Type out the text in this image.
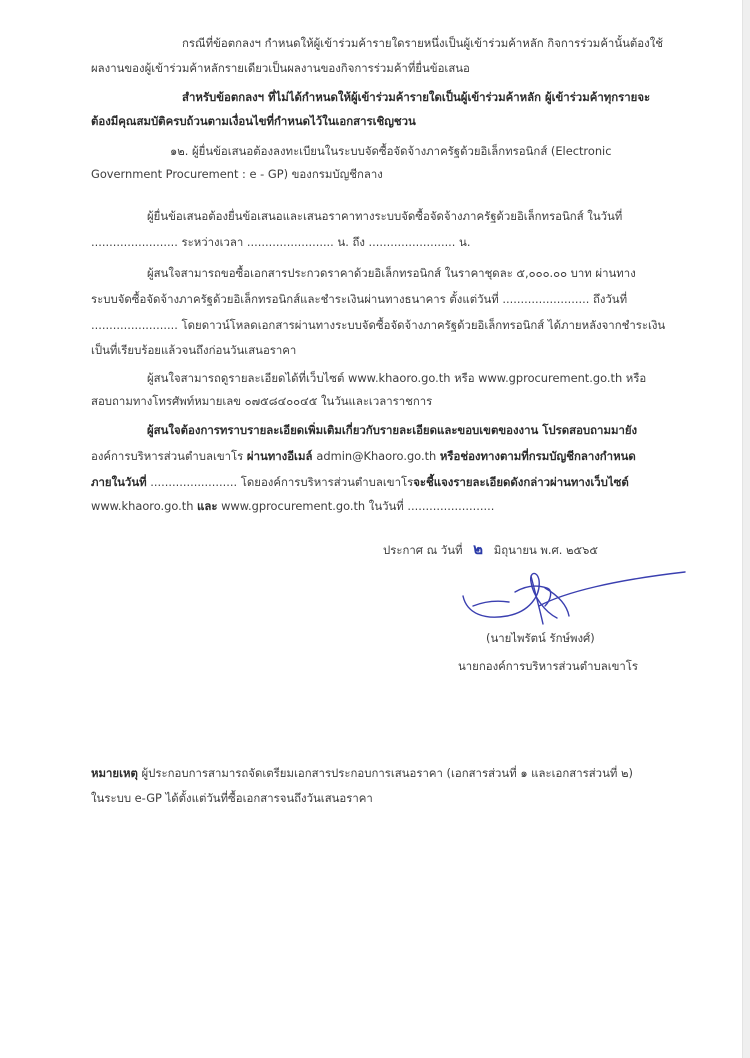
กรณีที่ข้อตกลงฯ กำหนดให้ผู้เข้าร่วมค้ารายใดรายหนึ่งเป็นผู้เข้าร่วมค้าหลัก กิจการร่วมค้านั้นต้องใช้
ผลงานของผู้เข้าร่วมค้าหลักรายเดียวเป็นผลงานของกิจการร่วมค้าที่ยื่นข้อเสนอ
สำหรับข้อตกลงฯ ที่ไม่ได้กำหนดให้ผู้เข้าร่วมค้ารายใดเป็นผู้เข้าร่วมค้าหลัก ผู้เข้าร่วมค้าทุกรายจะ
ต้องมีคุณสมบัติครบถ้วนตามเงื่อนไขที่กำหนดไว้ในเอกสารเชิญชวน
๑๒. ผู้ยื่นข้อเสนอต้องลงทะเบียนในระบบจัดซื้อจัดจ้างภาครัฐด้วยอิเล็กทรอนิกส์ (Electronic
Government Procurement : e - GP) ของกรมบัญชีกลาง
ผู้ยื่นข้อเสนอต้องยื่นข้อเสนอและเสนอราคาทางระบบจัดซื้อจัดจ้างภาครัฐด้วยอิเล็กทรอนิกส์ ในวันที่
........................ ระหว่างเวลา ........................ น. ถึง ........................ น.
ผู้สนใจสามารถขอซื้อเอกสารประกวดราคาด้วยอิเล็กทรอนิกส์ ในราคาชุดละ ๕,๐๐๐.๐๐ บาท ผ่านทาง
ระบบจัดซื้อจัดจ้างภาครัฐด้วยอิเล็กทรอนิกส์และชำระเงินผ่านทางธนาคาร ตั้งแต่วันที่ ........................ ถึงวันที่
........................ โดยดาวน์โหลดเอกสารผ่านทางระบบจัดซื้อจัดจ้างภาครัฐด้วยอิเล็กทรอนิกส์ ได้ภายหลังจากชำระเงิน
เป็นที่เรียบร้อยแล้วจนถึงก่อนวันเสนอราคา
ผู้สนใจสามารถดูรายละเอียดได้ที่เว็บไซต์ www.khaoro.go.th หรือ www.gprocurement.go.th หรือ
สอบถามทางโทรศัพท์หมายเลข ๐๗๕๘๔๐๐๔๕ ในวันและเวลาราชการ
ผู้สนใจต้องการทราบรายละเอียดเพิ่มเติมเกี่ยวกับรายละเอียดและขอบเขตของงาน โปรดสอบถามมายัง
องค์การบริหารส่วนตำบลเขาโร ผ่านทางอีเมล์ admin@Khaoro.go.th หรือช่องทางตามที่กรมบัญชีกลางกำหนด
ภายในวันที่ ........................ โดยองค์การบริหารส่วนตำบลเขาโรจะชี้แจงรายละเอียดดังกล่าวผ่านทางเว็บไซต์
www.khaoro.go.th และ www.gprocurement.go.th ในวันที่ ........................
ประกาศ ณ วันที่ ๒ มิถุนายน พ.ศ. ๒๕๖๕
(นายไพรัตน์ รักษ์พงศ์)
นายกองค์การบริหารส่วนตำบลเขาโร
หมายเหตุ ผู้ประกอบการสามารถจัดเตรียมเอกสารประกอบการเสนอราคา (เอกสารส่วนที่ ๑ และเอกสารส่วนที่ ๒)
ในระบบ e-GP ได้ตั้งแต่วันที่ซื้อเอกสารจนถึงวันเสนอราคา
